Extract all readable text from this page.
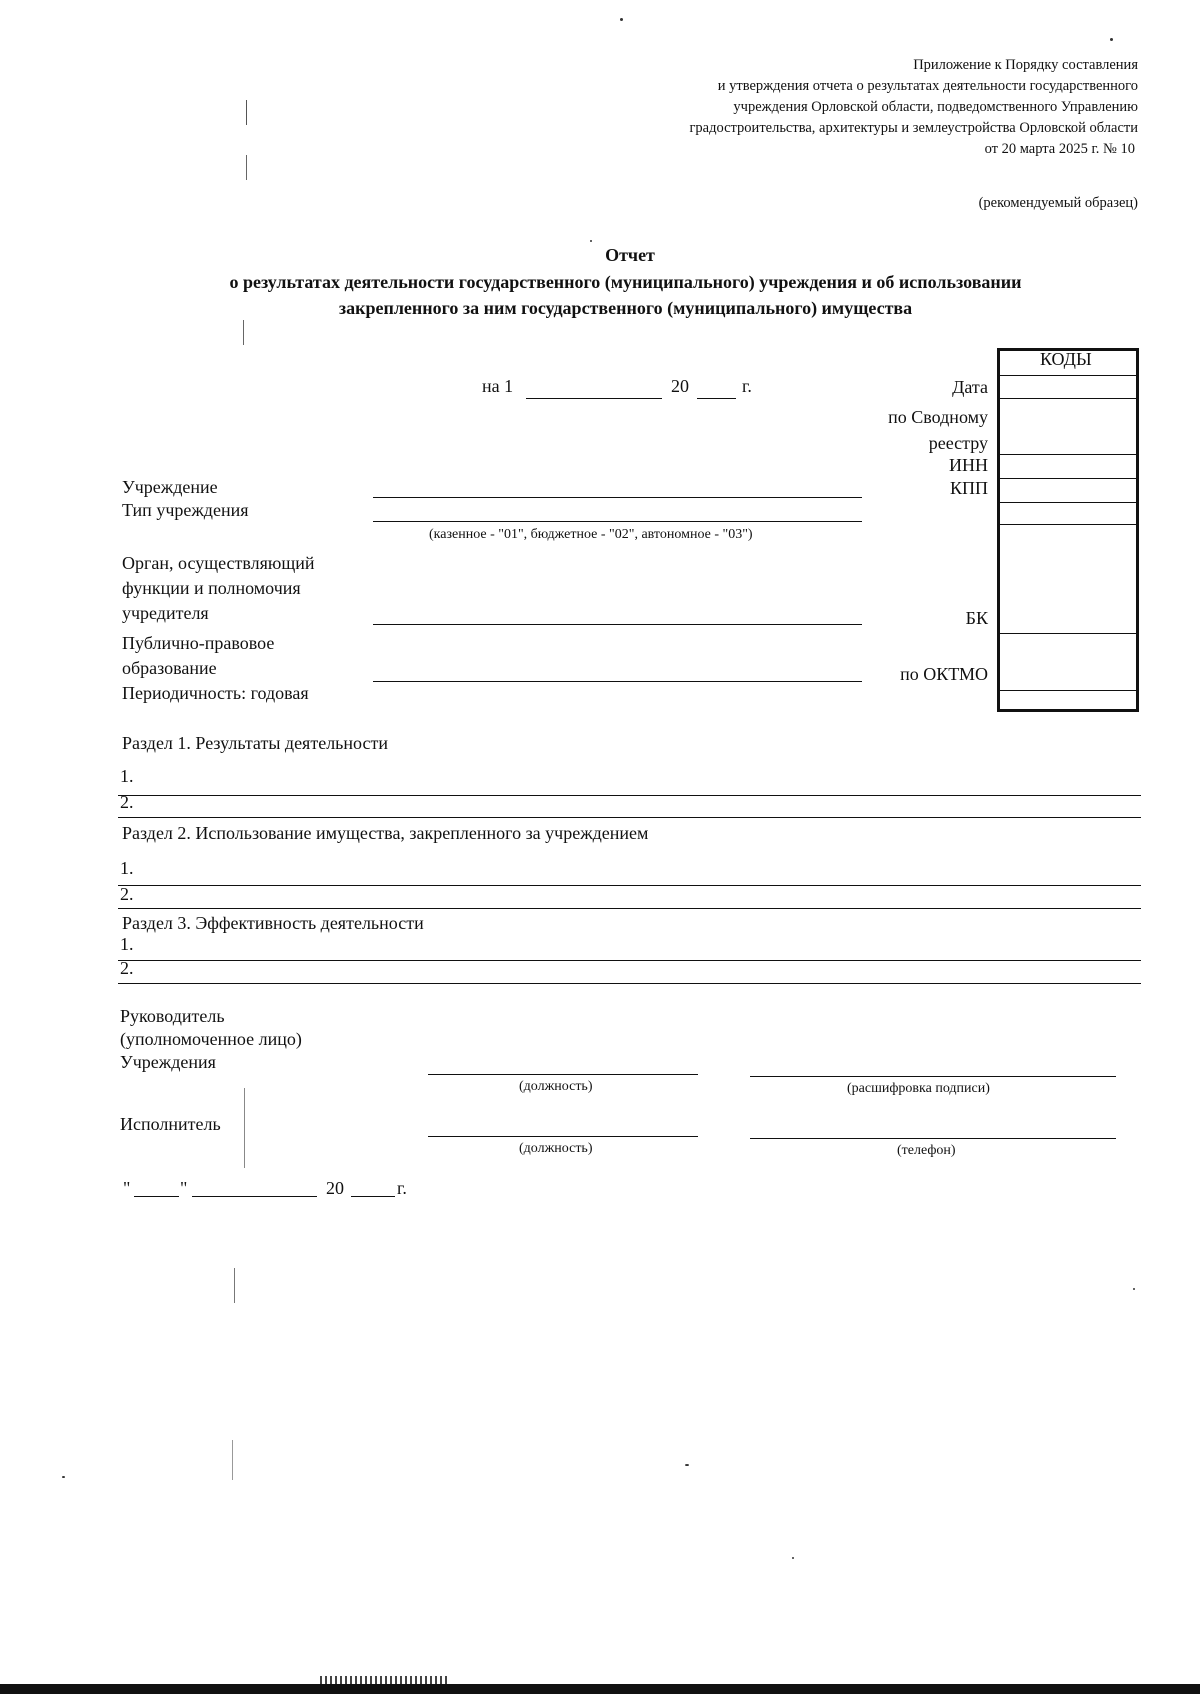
Приложение к Порядку составления
и утверждения отчета о результатах деятельности государственного
учреждения Орловской области, подведомственного Управлению
градостроительства, архитектуры и землеустройства Орловской области
от 20 марта 2025 г. № 10
(рекомендуемый образец)
Отчет
о результатах деятельности государственного (муниципального) учреждения и об использовании
закрепленного за ним государственного (муниципального) имущества
на 1	20	г.
КОДЫ
Дата
по Сводному
реестру
ИНН
КПП
БК
по ОКТМО
Учреждение
Тип учреждения
(казенное - "01", бюджетное - "02", автономное - "03")
Орган, осуществляющий
функции и полномочия
учредителя
Публично-правовое
образование
Периодичность: годовая
Раздел 1. Результаты деятельности
1.
2.
Раздел 2. Использование имущества, закрепленного за учреждением
1.
2.
Раздел 3. Эффективность деятельности
1.
2.
Руководитель
(уполномоченное лицо)
Учреждения
(должность)	(расшифровка подписи)
Исполнитель
(должность)	(телефон)
"	"	20	г.
